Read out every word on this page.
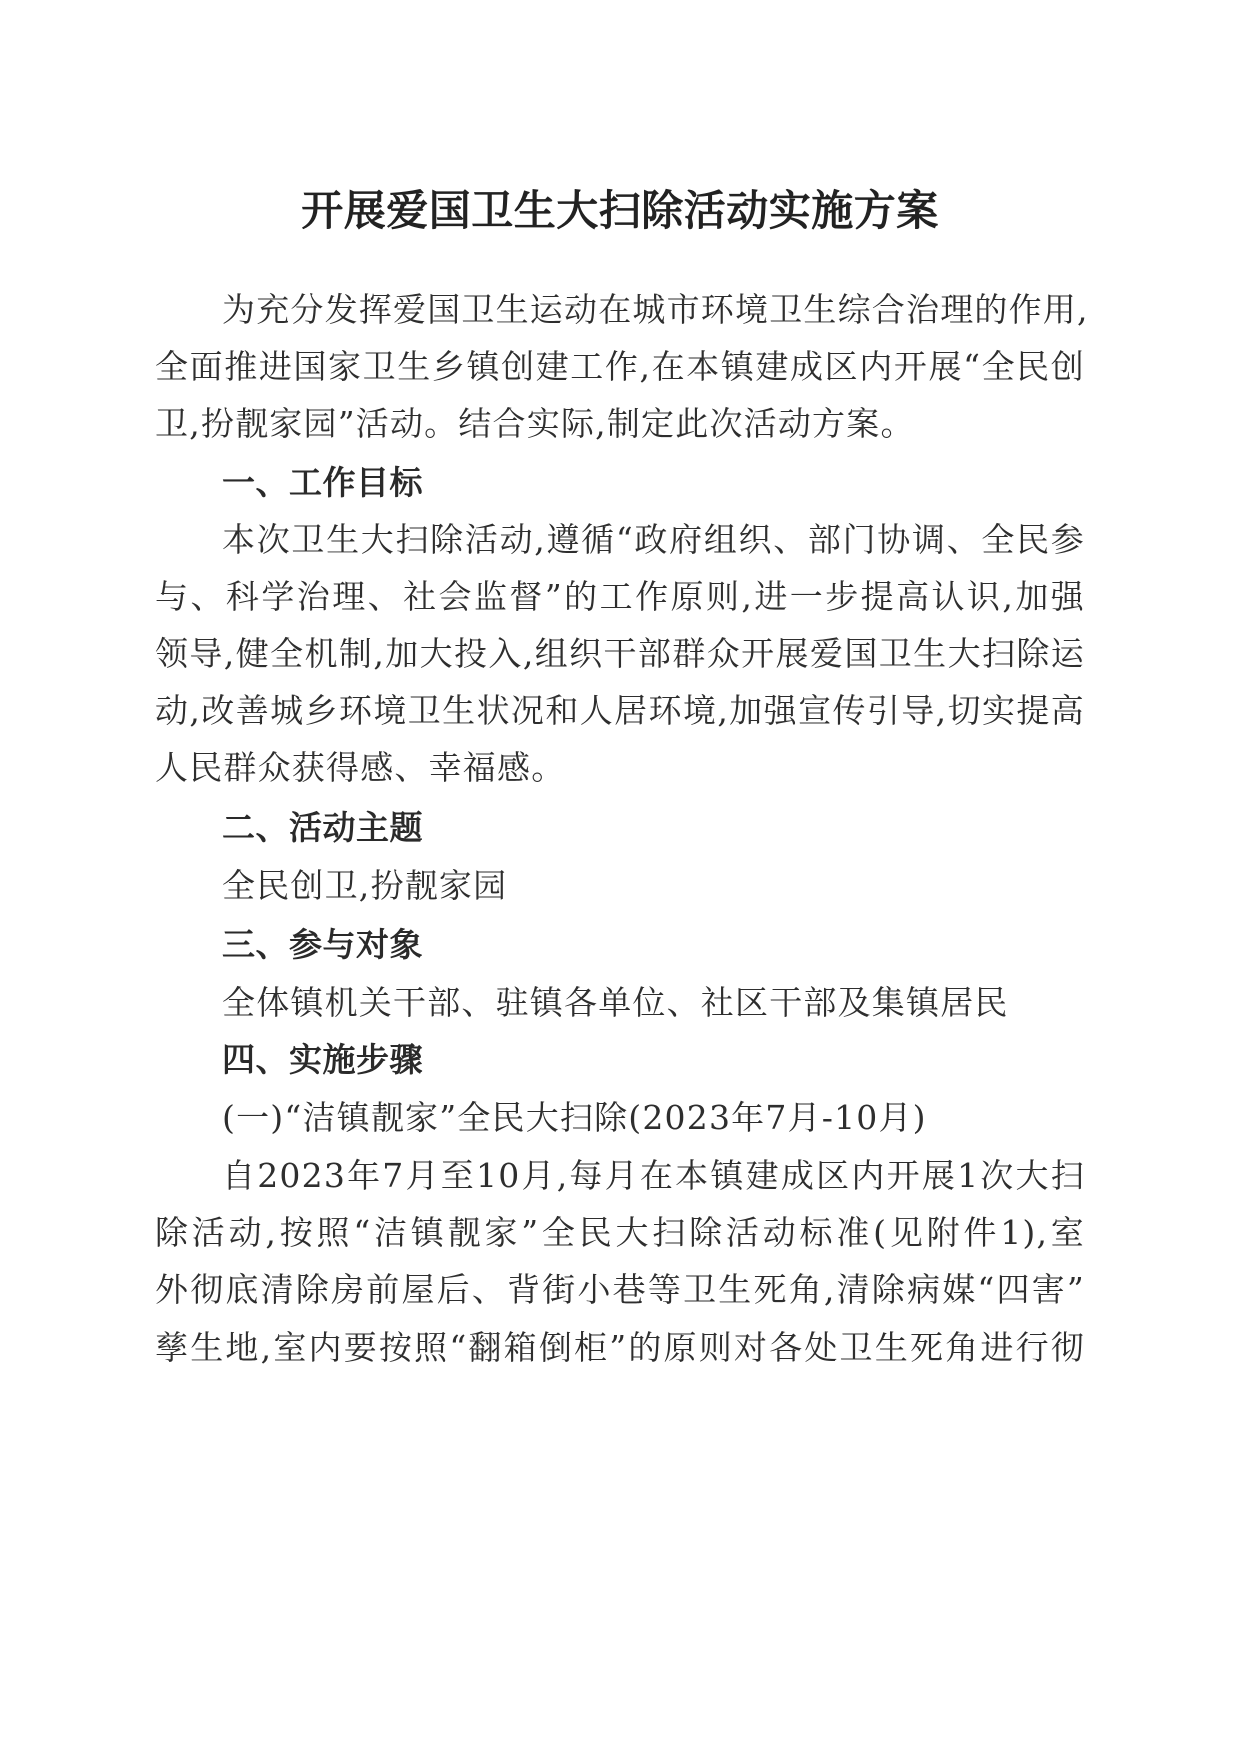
开展爱国卫生大扫除活动实施方案
为充分发挥爱国卫生运动在城市环境卫生综合治理的作用,
全面推进国家卫生乡镇创建工作,在本镇建成区内开展“全民创
卫,扮靓家园”活动。结合实际,制定此次活动方案。
一、工作目标
本次卫生大扫除活动,遵循“政府组织、部门协调、全民参
与、科学治理、社会监督”的工作原则,进一步提高认识,加强
领导,健全机制,加大投入,组织干部群众开展爱国卫生大扫除运
动,改善城乡环境卫生状况和人居环境,加强宣传引导,切实提高
人民群众获得感、幸福感。
二、活动主题
全民创卫,扮靓家园
三、参与对象
全体镇机关干部、驻镇各单位、社区干部及集镇居民
四、实施步骤
(一)“洁镇靓家”全民大扫除(2023年7月-10月)
自2023年7月至10月,每月在本镇建成区内开展1次大扫
除活动,按照“洁镇靓家”全民大扫除活动标准(见附件1),室
外彻底清除房前屋后、背街小巷等卫生死角,清除病媒“四害”
孳生地,室内要按照“翻箱倒柜”的原则对各处卫生死角进行彻
